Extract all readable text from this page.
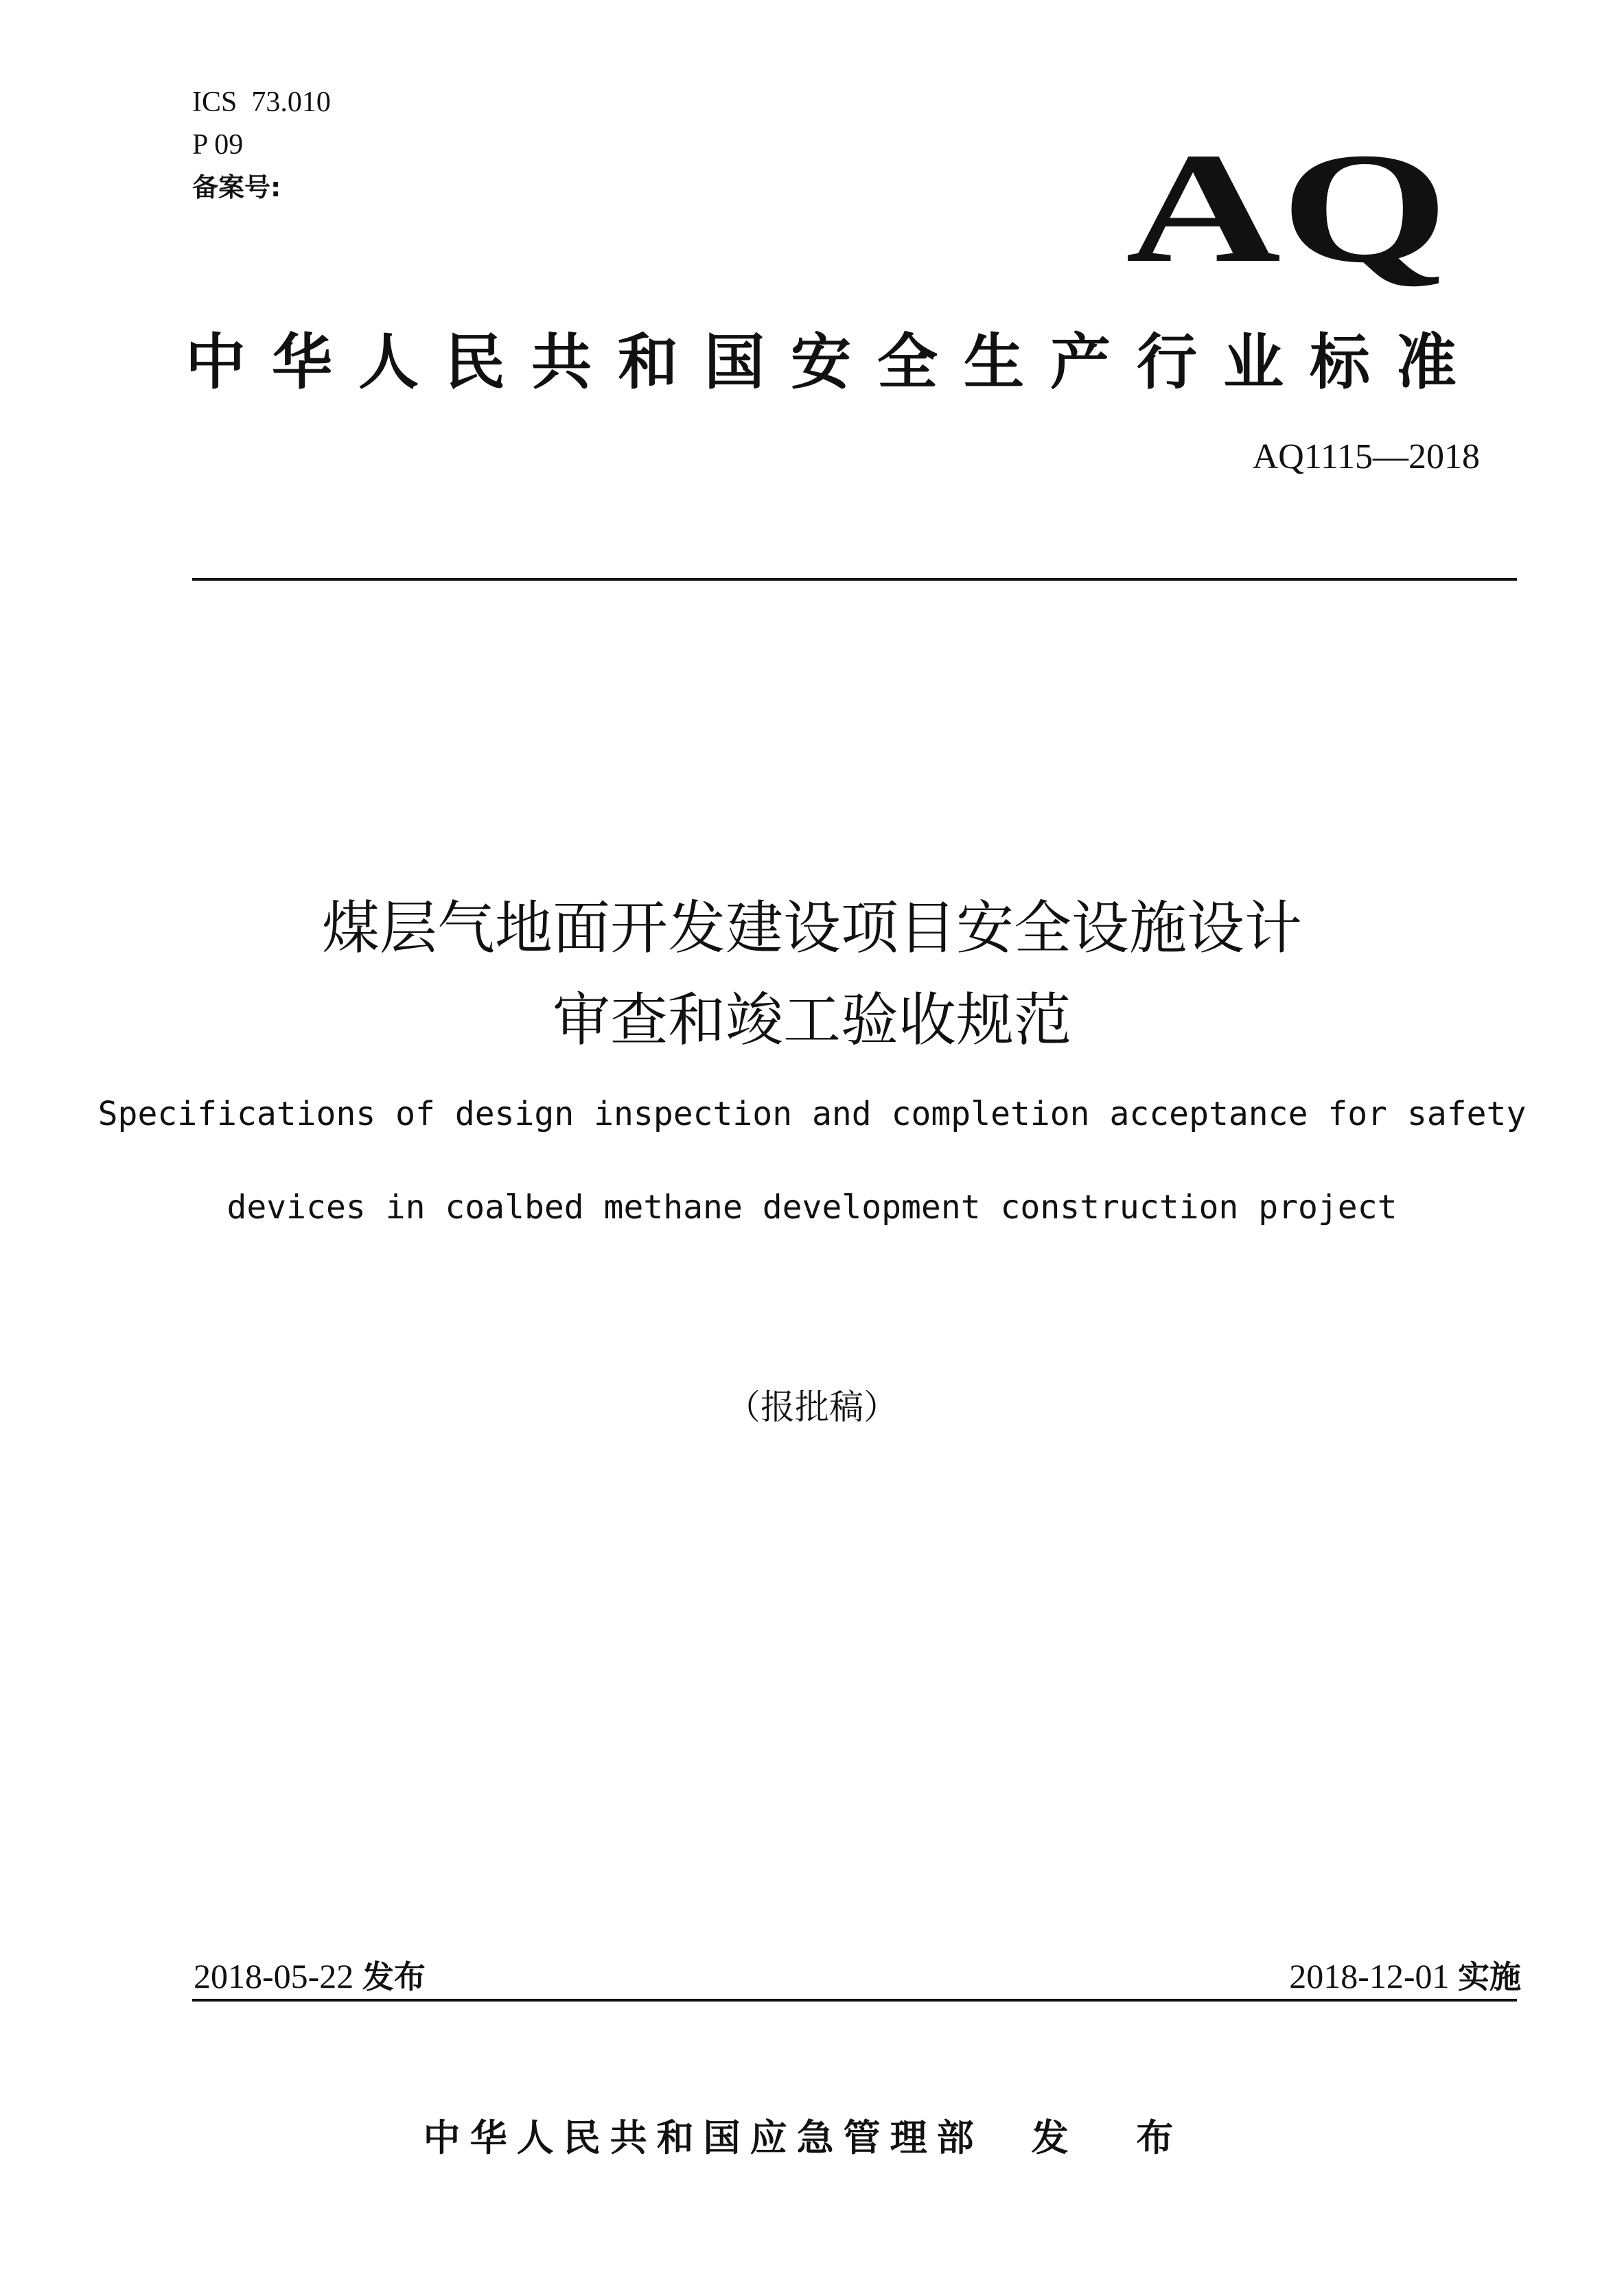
ICS  73.010
P 09
备案号:	AQ
中华人民共和国安全生产行业标准
AQ1115—2018
煤层气地面开发建设项目安全设施设计
审查和竣工验收规范
Specifications of design inspection and completion acceptance for safety
devices in coalbed methane development construction project
（报批稿）
2018-05-22 发布	2018-12-01 实施
中华人民共和国应急管理部 发 布
